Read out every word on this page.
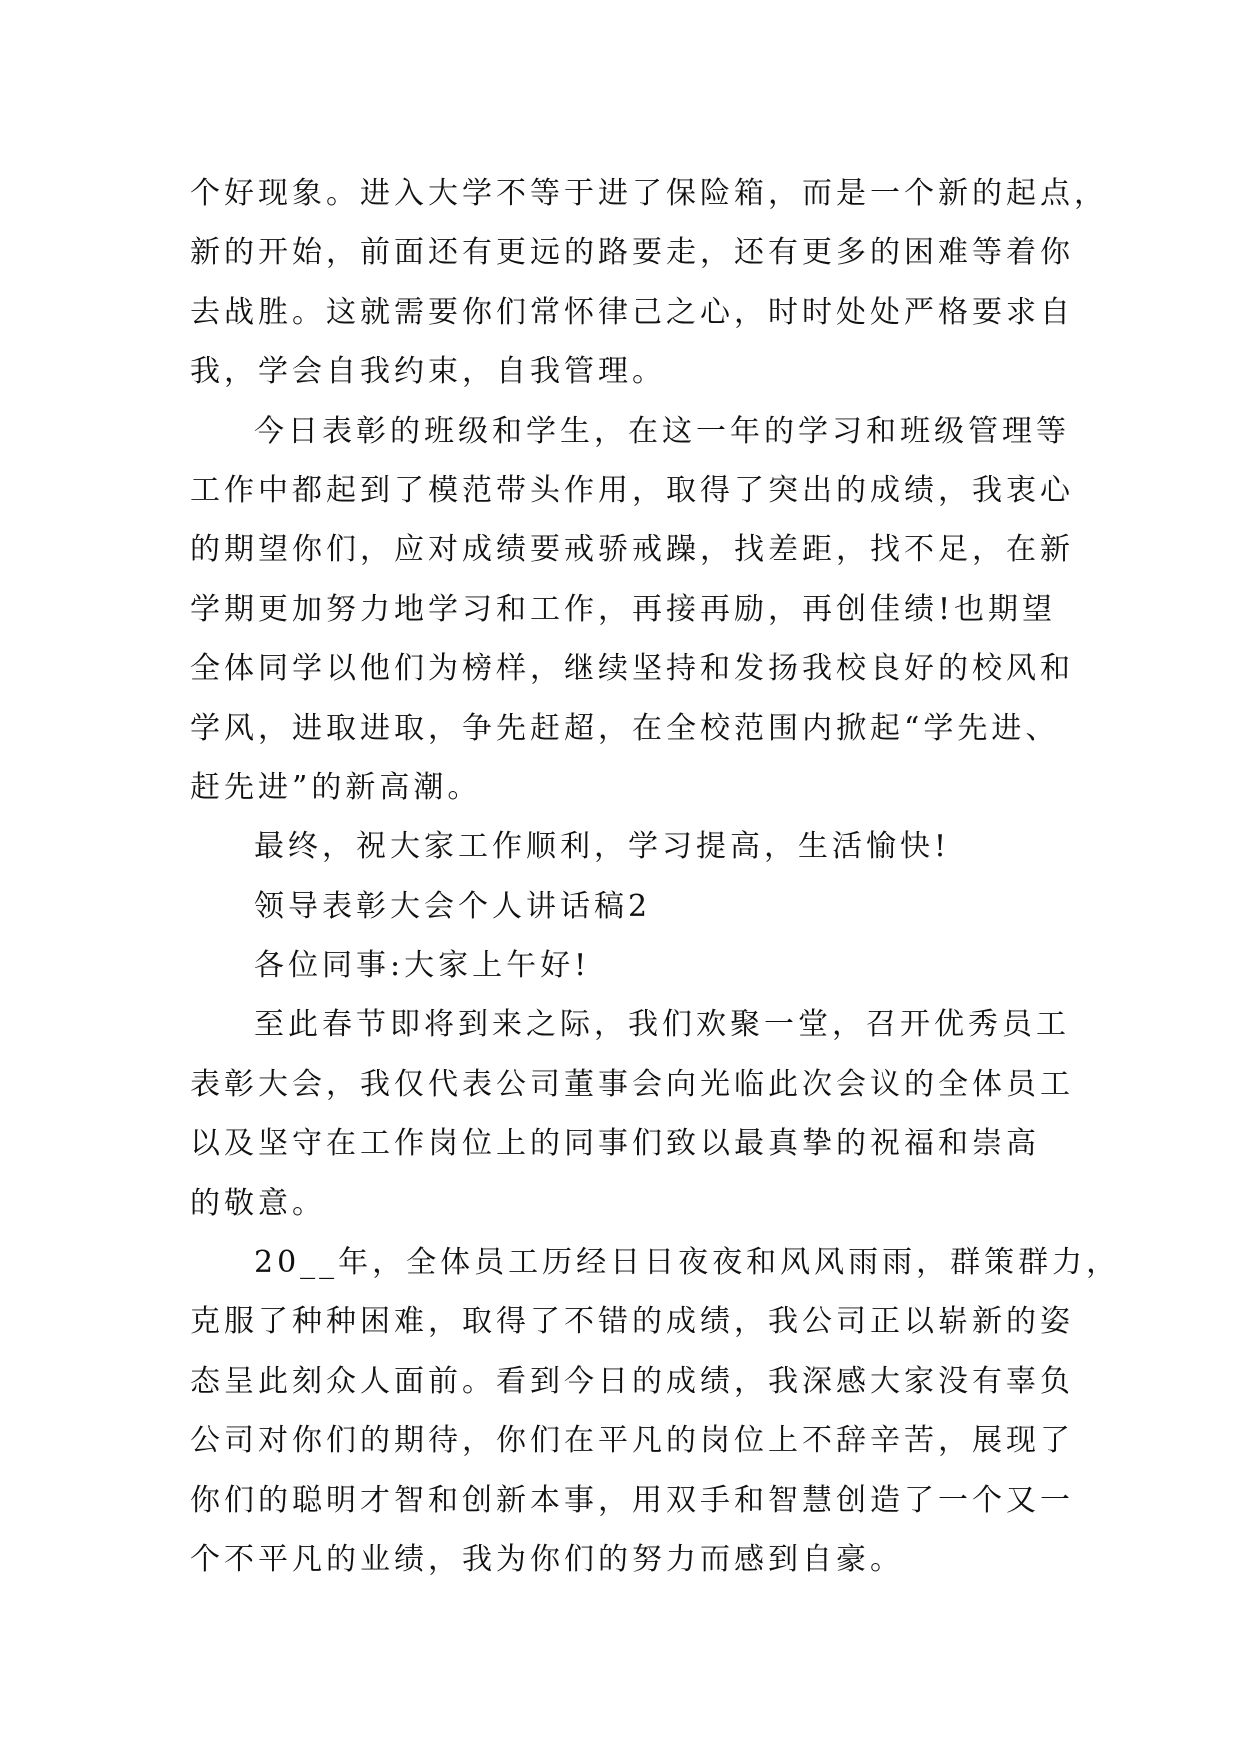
个好现象。进入大学不等于进了保险箱，而是一个新的起点，
新的开始，前面还有更远的路要走，还有更多的困难等着你
去战胜。这就需要你们常怀律己之心，时时处处严格要求自
我，学会自我约束，自我管理。
今日表彰的班级和学生，在这一年的学习和班级管理等
工作中都起到了模范带头作用，取得了突出的成绩，我衷心
的期望你们，应对成绩要戒骄戒躁，找差距，找不足，在新
学期更加努力地学习和工作，再接再励，再创佳绩!也期望
全体同学以他们为榜样，继续坚持和发扬我校良好的校风和
学风，进取进取，争先赶超，在全校范围内掀起“学先进、
赶先进”的新高潮。
最终，祝大家工作顺利，学习提高，生活愉快!
领导表彰大会个人讲话稿2
各位同事:大家上午好!
至此春节即将到来之际，我们欢聚一堂，召开优秀员工
表彰大会，我仅代表公司董事会向光临此次会议的全体员工
以及坚守在工作岗位上的同事们致以最真挚的祝福和崇高
的敬意。
20__年，全体员工历经日日夜夜和风风雨雨，群策群力，
克服了种种困难，取得了不错的成绩，我公司正以崭新的姿
态呈此刻众人面前。看到今日的成绩，我深感大家没有辜负
公司对你们的期待，你们在平凡的岗位上不辞辛苦，展现了
你们的聪明才智和创新本事，用双手和智慧创造了一个又一
个不平凡的业绩，我为你们的努力而感到自豪。
